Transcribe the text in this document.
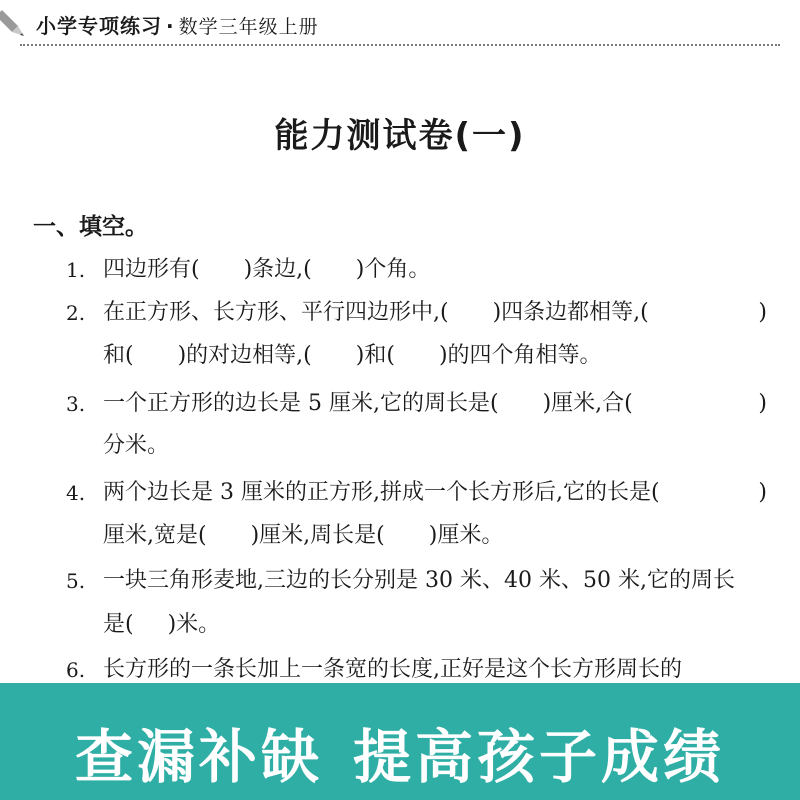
小学专项练习 · 数学三年级上册
能力测试卷(一)
一、填空。
1. 四边形有( )条边,( )个角。
2. 在正方形、长方形、平行四边形中,( )四条边都相等,(	)
和( )的对边相等,( )和( )的四个角相等。
3. 一个正方形的边长是 5 厘米,它的周长是( )厘米,合(	)
分米。
4. 两个边长是 3 厘米的正方形,拼成一个长方形后,它的长是(	)
厘米,宽是( )厘米,周长是( )厘米。
5. 一块三角形麦地,三边的长分别是 30 米、40 米、50 米,它的周长
是( )米。
6. 长方形的一条长加上一条宽的长度,正好是这个长方形周长的
查漏补缺 提高孩子成绩
